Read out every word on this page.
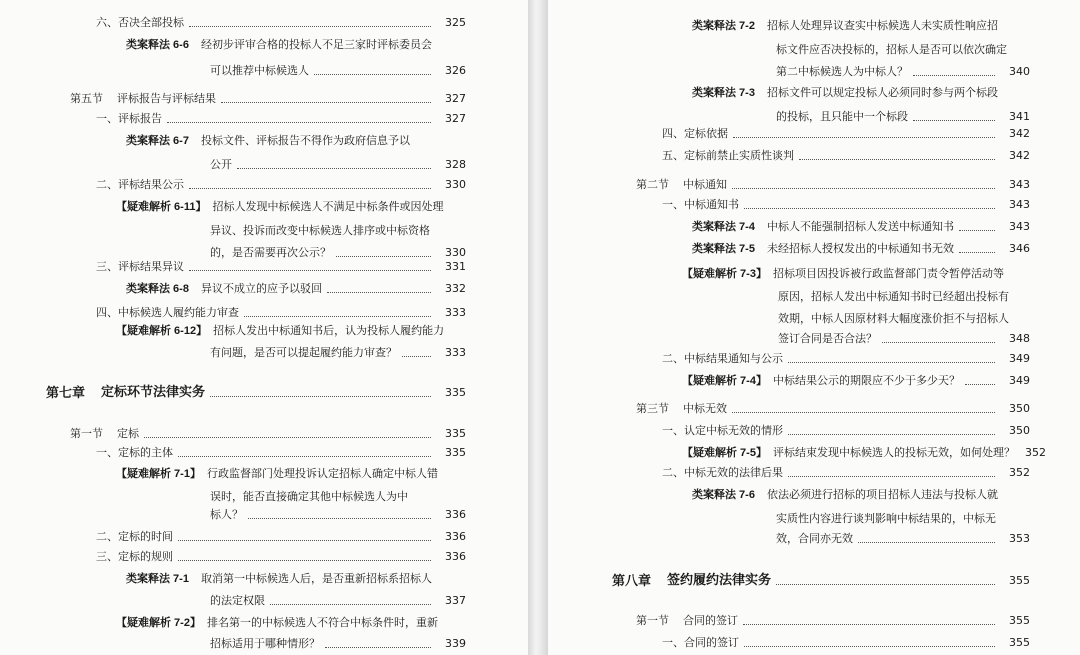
六、否决全部投标	325
类案释法 6-6 经初步评审合格的投标人不足三家时评标委员会
可以推荐中标候选人	326
第五节 评标报告与评标结果	327
一、评标报告	327
类案释法 6-7 投标文件、评标报告不得作为政府信息予以
公开	328
二、评标结果公示	330
【疑难解析 6-11】 招标人发现中标候选人不满足中标条件或因处理
异议、投诉而改变中标候选人排序或中标资格
的，是否需要再次公示？	330
三、评标结果异议	331
类案释法 6-8 异议不成立的应予以驳回	332
四、中标候选人履约能力审查	333
【疑难解析 6-12】 招标人发出中标通知书后，认为投标人履约能力
有问题，是否可以提起履约能力审查？	333
第七章 定标环节法律实务	335
第一节 定标	335
一、定标的主体	335
【疑难解析 7-1】 行政监督部门处理投诉认定招标人确定中标人错
误时，能否直接确定其他中标候选人为中
标人？	336
二、定标的时间	336
三、定标的规则	336
类案释法 7-1 取消第一中标候选人后，是否重新招标系招标人
的法定权限	337
【疑难解析 7-2】 排名第一的中标候选人不符合中标条件时，重新
招标适用于哪种情形？	339
类案释法 7-2 招标人处理异议查实中标候选人未实质性响应招
标文件应否决投标的，招标人是否可以依次确定
第二中标候选人为中标人？	340
类案释法 7-3 招标文件可以规定投标人必须同时参与两个标段
的投标，且只能中一个标段	341
四、定标依据	342
五、定标前禁止实质性谈判	342
第二节 中标通知	343
一、中标通知书	343
类案释法 7-4 中标人不能强制招标人发送中标通知书	343
类案释法 7-5 未经招标人授权发出的中标通知书无效	346
【疑难解析 7-3】 招标项目因投诉被行政监督部门责令暂停活动等
原因，招标人发出中标通知书时已经超出投标有
效期，中标人因原材料大幅度涨价拒不与招标人
签订合同是否合法？	348
二、中标结果通知与公示	349
【疑难解析 7-4】 中标结果公示的期限应不少于多少天？	349
第三节 中标无效	350
一、认定中标无效的情形	350
【疑难解析 7-5】 评标结束发现中标候选人的投标无效，如何处理？ 352
二、中标无效的法律后果	352
类案释法 7-6 依法必须进行招标的项目招标人违法与投标人就
实质性内容进行谈判影响中标结果的，中标无
效，合同亦无效	353
第八章 签约履约法律实务	355
第一节 合同的签订	355
一、合同的签订	355
